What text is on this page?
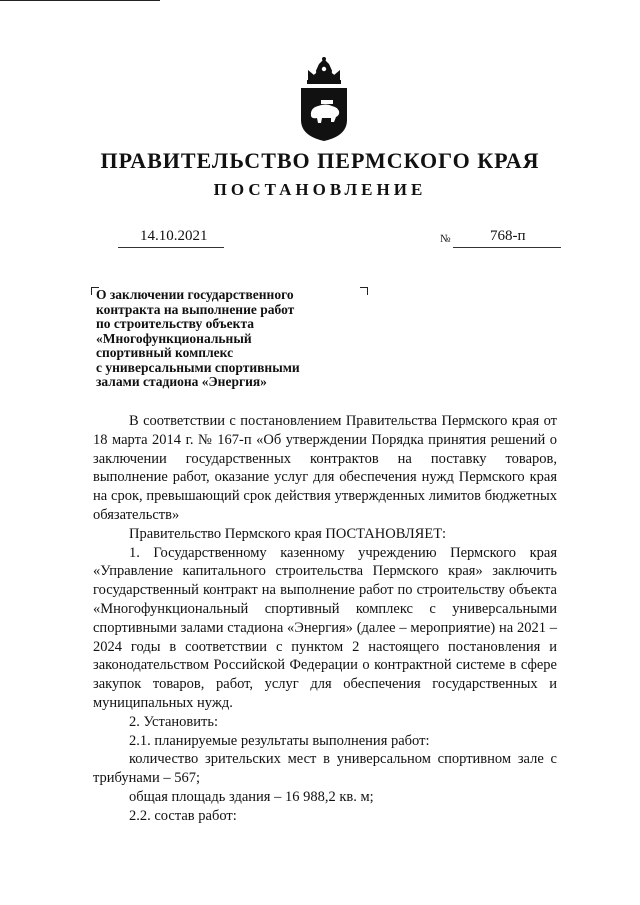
ПРАВИТЕЛЬСТВО ПЕРМСКОГО КРАЯ
ПОСТАНОВЛЕНИЕ
14.10.2021	№	768-п
О заключении государственного
контракта на выполнение работ
по строительству объекта
«Многофункциональный
спортивный комплекс
с универсальными спортивными
залами стадиона «Энергия»

В соответствии с постановлением Правительства Пермского края от 18 марта 2014 г. № 167-п «Об утверждении Порядка принятия решений о заключении государственных контрактов на поставку товаров, выполнение работ, оказание услуг для обеспечения нужд Пермского края на срок, превышающий срок действия утвержденных лимитов бюджетных обязательств»

Правительство Пермского края ПОСТАНОВЛЯЕТ:

1. Государственному казенному учреждению Пермского края «Управление капитального строительства Пермского края» заключить государственный контракт на выполнение работ по строительству объекта «Многофункциональный спортивный комплекс с универсальными спортивными залами стадиона «Энергия» (далее – мероприятие) на 2021 – 2024 годы в соответствии с пунктом 2 настоящего постановления и законодательством Российской Федерации о контрактной системе в сфере закупок товаров, работ, услуг для обеспечения государственных и муниципальных нужд.

2. Установить:

2.1. планируемые результаты выполнения работ:

количество зрительских мест в универсальном спортивном зале с трибунами – 567;

общая площадь здания – 16 988,2 кв. м;

2.2. состав работ:
